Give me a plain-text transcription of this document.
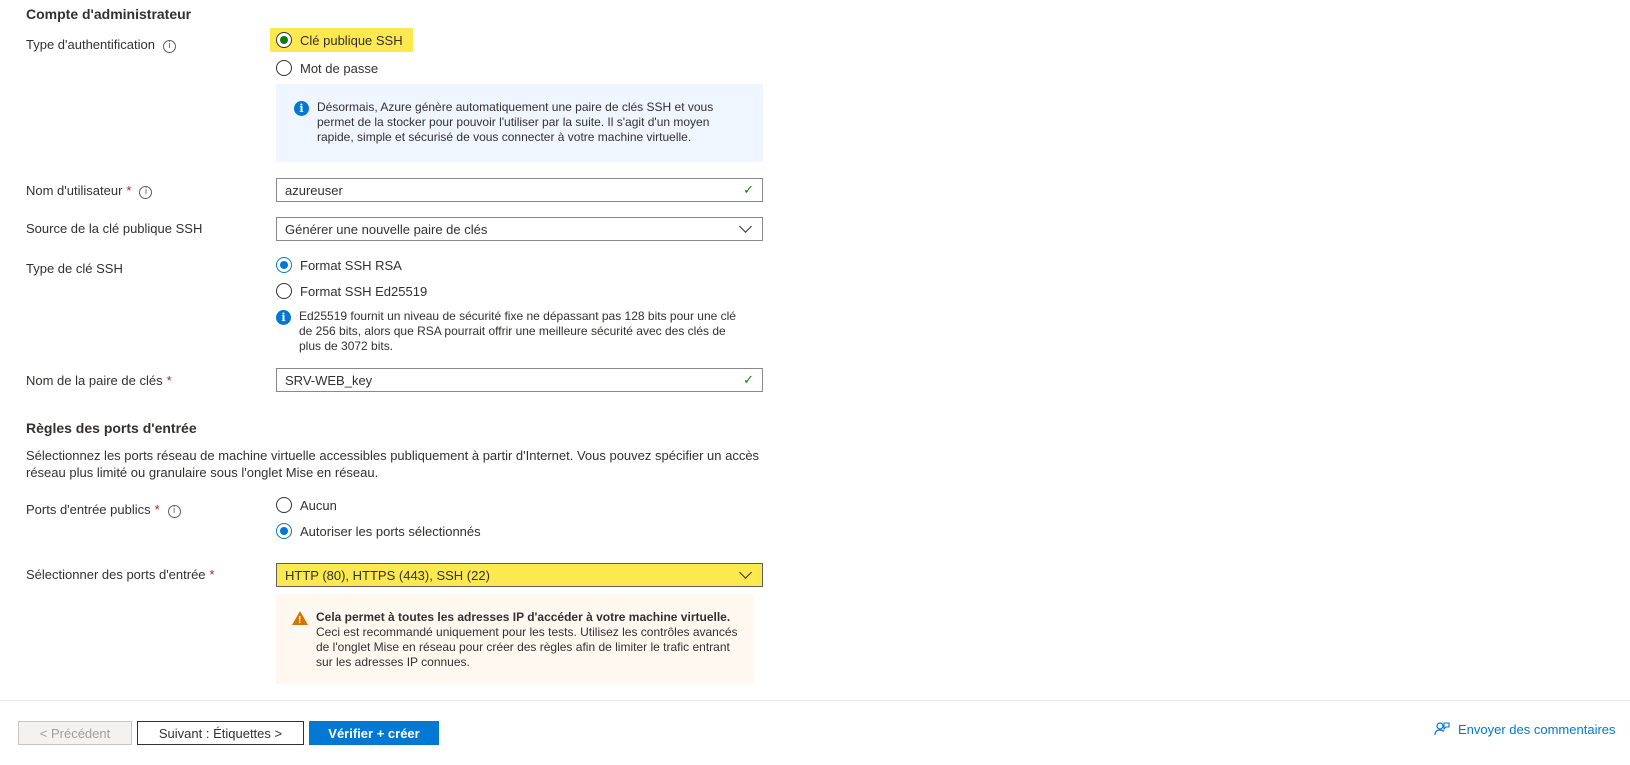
Compte d'administrateur
Type d'authentification i	Clé publique SSH
Mot de passe
i	Désormais, Azure génère automatiquement une paire de clés SSH et vous permet de la stocker pour pouvoir l'utiliser par la suite. Il s'agit d'un moyen rapide, simple et sécurisé de vous connecter à votre machine virtuelle.
Nom d'utilisateur * i	azureuser	✓
Source de la clé publique SSH	Générer une nouvelle paire de clés
Type de clé SSH	Format SSH RSA
Format SSH Ed25519
i	Ed25519 fournit un niveau de sécurité fixe ne dépassant pas 128 bits pour une clé de 256 bits, alors que RSA pourrait offrir une meilleure sécurité avec des clés de plus de 3072 bits.
Nom de la paire de clés *	SRV-WEB_key	✓
Règles des ports d'entrée
Sélectionnez les ports réseau de machine virtuelle accessibles publiquement à partir d'Internet. Vous pouvez spécifier un accès réseau plus limité ou granulaire sous l'onglet Mise en réseau.
Ports d'entrée publics * i	Aucun
Autoriser les ports sélectionnés
Sélectionner des ports d'entrée *	HTTP (80), HTTPS (443), SSH (22)
! Cela permet à toutes les adresses IP d'accéder à votre machine virtuelle.
Ceci est recommandé uniquement pour les tests. Utilisez les contrôles avancés de l'onglet Mise en réseau pour créer des règles afin de limiter le trafic entrant sur les adresses IP connues.
< Précédent	Suivant : Étiquettes >	Vérifier + créer	Envoyer des commentaires
